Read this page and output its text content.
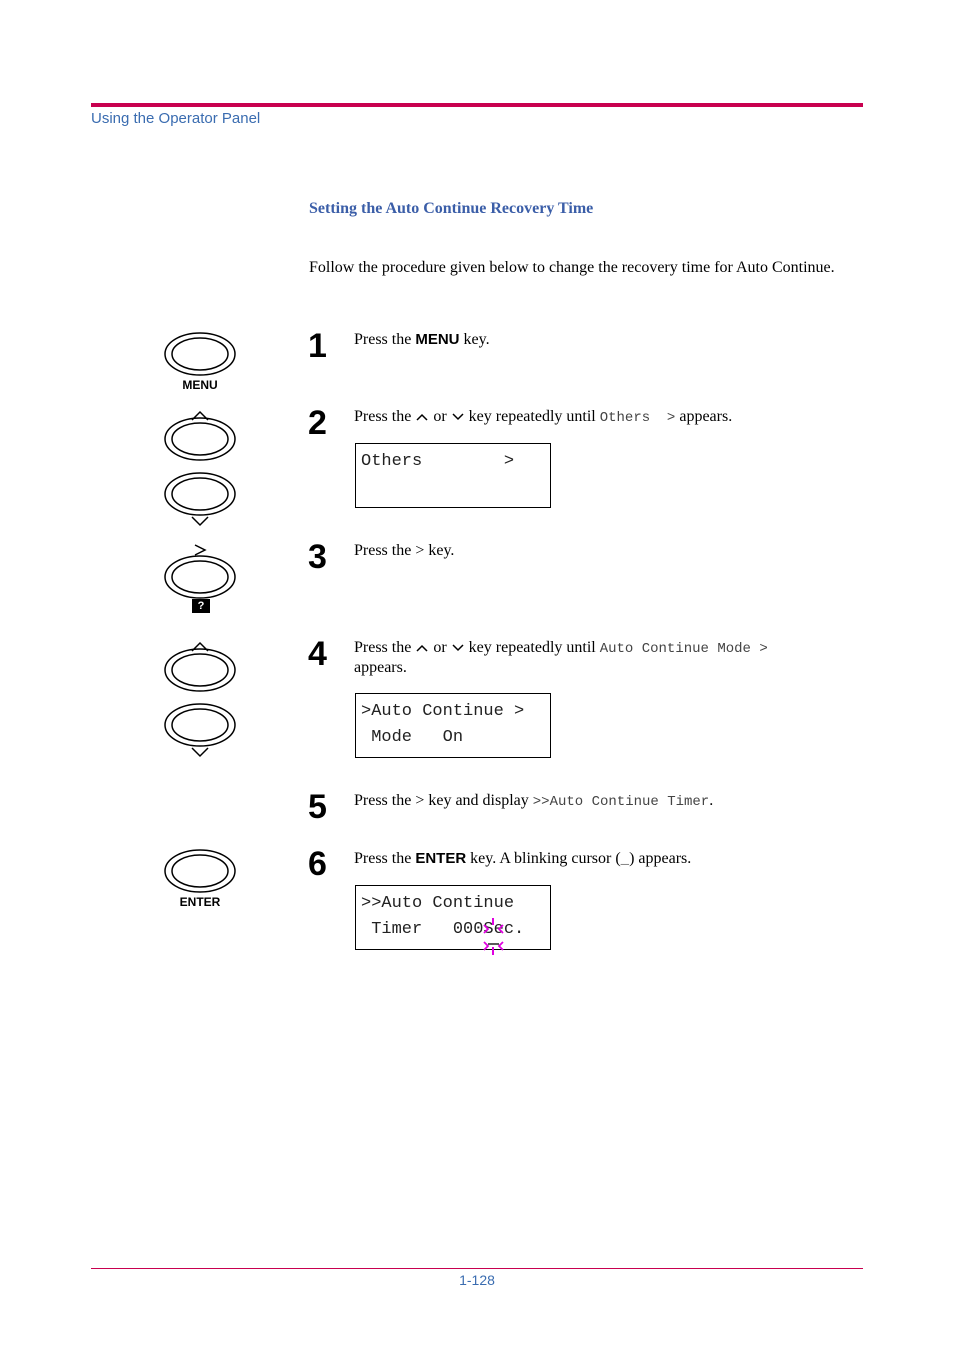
Using the Operator Panel
Setting the Auto Continue Recovery Time
Follow the procedure given below to change the recovery time for Auto Continue.
MENU
?
ENTER
1 Press the MENU key.
2 Press the or key repeatedly until Others  > appears.
Others        >
3 Press the > key.
4 Press the or key repeatedly until Auto Continue Mode >
appears.
>Auto Continue >
Mode   On
5 Press the > key and display >>Auto Continue Timer.
6 Press the ENTER key. A blinking cursor (_) appears.
>>Auto Continue
Timer   000Sec.
1-128
